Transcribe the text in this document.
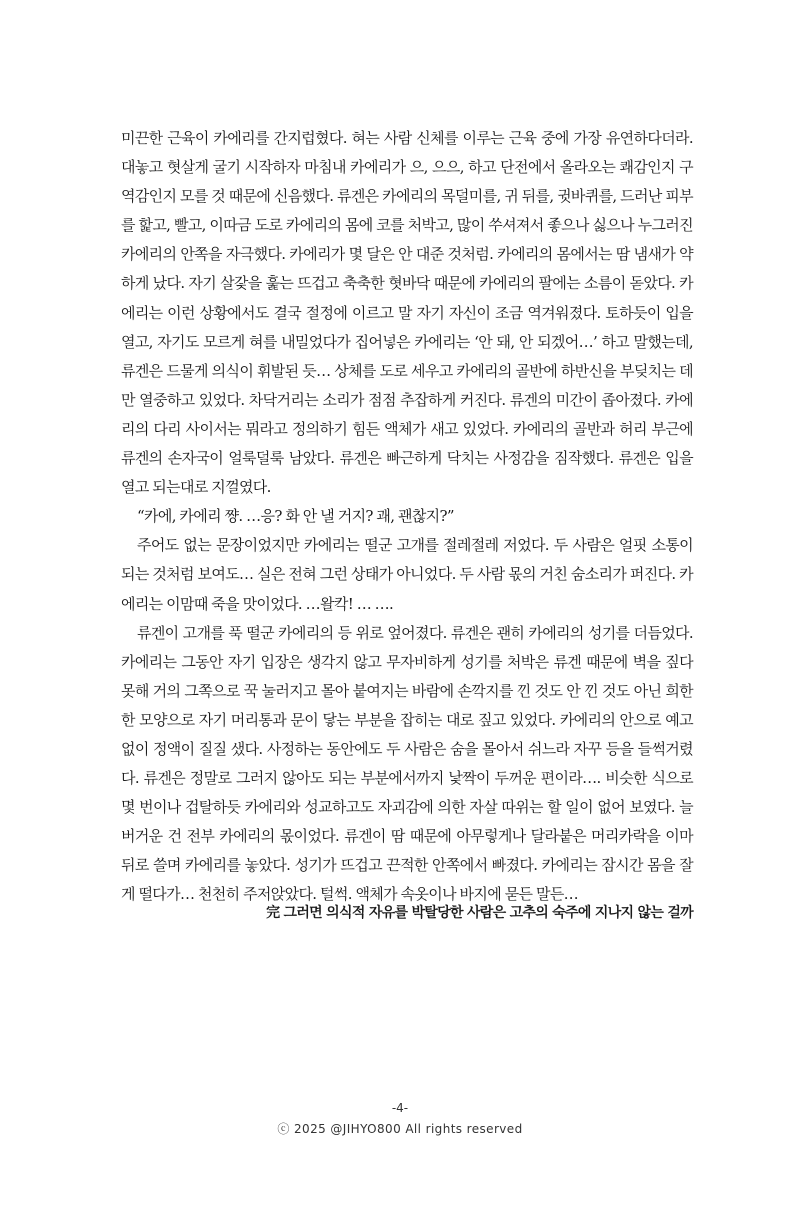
미끈한 근육이 카에리를 간지럽혔다. 혀는 사람 신체를 이루는 근육 중에 가장 유연하다더라. 대놓고 혓살게 굴기 시작하자 마침내 카에리가 으, 으으, 하고 단전에서 올라오는 쾌감인지 구역감인지 모를 것 때문에 신음했다. 류겐은 카에리의 목덜미를, 귀 뒤를, 귓바퀴를, 드러난 피부를 핥고, 빨고, 이따금 도로 카에리의 몸에 코를 처박고, 많이 쑤셔져서 좋으나 싫으나 누그러진 카에리의 안쪽을 자극했다. 카에리가 몇 달은 안 대준 것처럼. 카에리의 몸에서는 땀 냄새가 약하게 났다. 자기 살갗을 훑는 뜨겁고 축축한 혓바닥 때문에 카에리의 팔에는 소름이 돋았다. 카에리는 이런 상황에서도 결국 절정에 이르고 말 자기 자신이 조금 역겨워졌다. 토하듯이 입을 열고, 자기도 모르게 혀를 내밀었다가 집어넣은 카에리는 ‘안 돼, 안 되겠어…’ 하고 말했는데, 류겐은 드물게 의식이 휘발된 듯… 상체를 도로 세우고 카에리의 골반에 하반신을 부딪치는 데만 열중하고 있었다. 차닥거리는 소리가 점점 추잡하게 커진다. 류겐의 미간이 좁아졌다. 카에리의 다리 사이서는 뭐라고 정의하기 힘든 액체가 새고 있었다. 카에리의 골반과 허리 부근에 류겐의 손자국이 얼룩덜룩 남았다. 류겐은 빠근하게 닥치는 사정감을 짐작했다. 류겐은 입을 열고 되는대로 지껄였다.

“카에, 카에리 쨩. …응? 화 안 낼 거지? 괘, 괜찮지?”

주어도 없는 문장이었지만 카에리는 떨군 고개를 절레절레 저었다. 두 사람은 얼핏 소통이 되는 것처럼 보여도… 실은 전혀 그런 상태가 아니었다. 두 사람 몫의 거친 숨소리가 퍼진다. 카에리는 이맘때 죽을 맛이었다. …왈칵! … ….

류겐이 고개를 푹 떨군 카에리의 등 위로 엎어졌다. 류겐은 괜히 카에리의 성기를 더듬었다. 카에리는 그동안 자기 입장은 생각지 않고 무자비하게 성기를 처박은 류겐 때문에 벽을 짚다 못해 거의 그쪽으로 꾹 눌러지고 몰아 붙여지는 바람에 손깍지를 낀 것도 안 낀 것도 아닌 희한한 모양으로 자기 머리통과 문이 닿는 부분을 잡히는 대로 짚고 있었다. 카에리의 안으로 예고 없이 정액이 질질 샜다. 사정하는 동안에도 두 사람은 숨을 몰아서 쉬느라 자꾸 등을 들썩거렸다. 류겐은 정말로 그러지 않아도 되는 부분에서까지 낯짝이 두꺼운 편이라…. 비슷한 식으로 몇 번이나 겁탈하듯 카에리와 성교하고도 자괴감에 의한 자살 따위는 할 일이 없어 보였다. 늘 버거운 건 전부 카에리의 몫이었다. 류겐이 땀 때문에 아무렇게나 달라붙은 머리카락을 이마 뒤로 쓸며 카에리를 놓았다. 성기가 뜨겁고 끈적한 안쪽에서 빠졌다. 카에리는 잠시간 몸을 잘게 떨다가… 천천히 주저앉았다. 털썩. 액체가 속옷이나 바지에 묻든 말든…

完 그러면 의식적 자유를 박탈당한 사람은 고추의 숙주에 지나지 않는 걸까
-4-
ⓒ 2025 @JIHYO800 All rights reserved
